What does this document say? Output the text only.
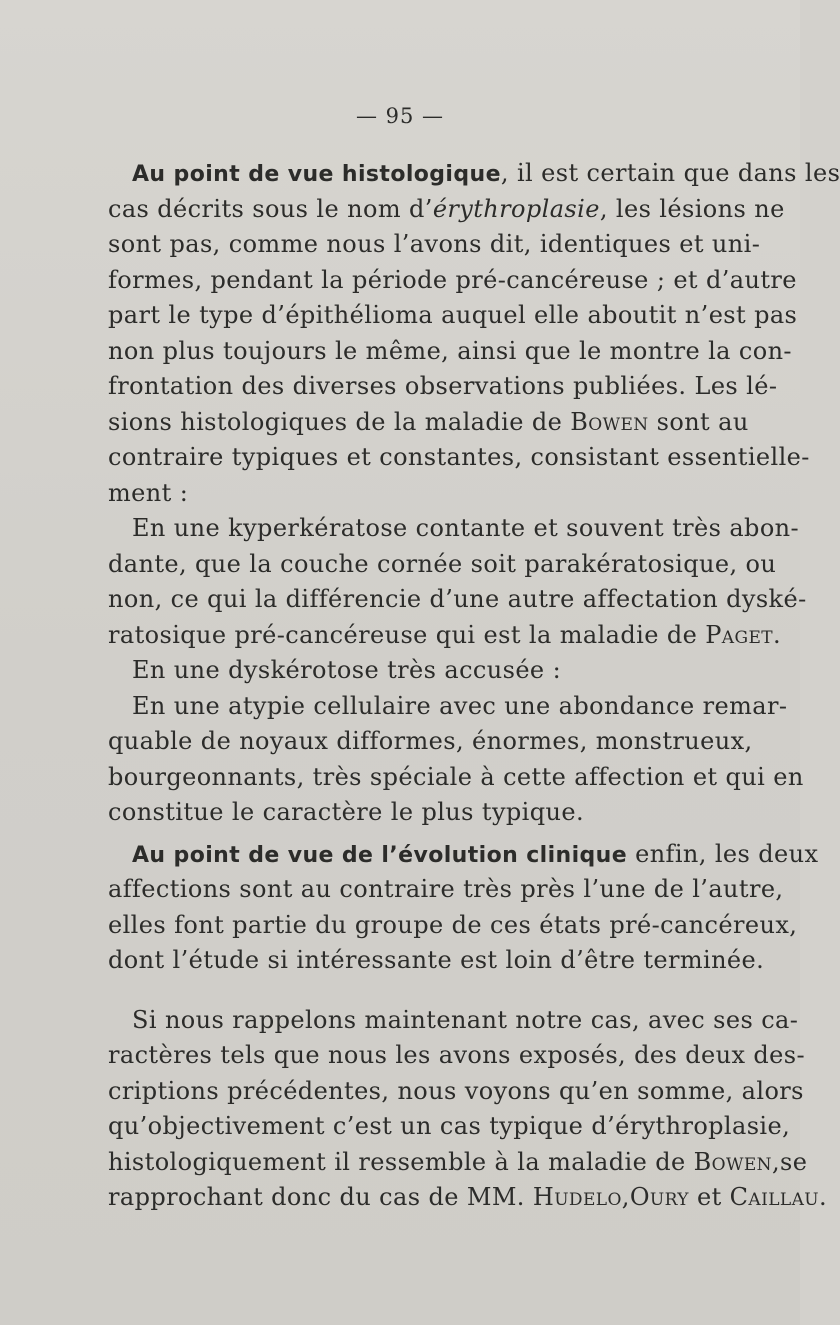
— 95 —
Au point de vue histologique, il est certain que dans les
cas décrits sous le nom d’érythroplasie, les lésions ne
sont pas, comme nous l’avons dit, identiques et uni-
formes, pendant la période pré-cancéreuse ; et d’autre
part le type d’épithélioma auquel elle aboutit n’est pas
non plus toujours le même, ainsi que le montre la con-
frontation des diverses observations publiées. Les lé-
sions histologiques de la maladie de Bowen sont au
contraire typiques et constantes, consistant essentielle-
ment :
En une kyperkératose contante et souvent très abon-
dante, que la couche cornée soit parakératosique, ou
non, ce qui la différencie d’une autre affectation dyské-
ratosique pré-cancéreuse qui est la maladie de Paget.
En une dyskérotose très accusée :
En une atypie cellulaire avec une abondance remar-
quable de noyaux difformes, énormes, monstrueux,
bourgeonnants, très spéciale à cette affection et qui en
constitue le caractère le plus typique.
Au point de vue de l’évolution clinique enfin, les deux
affections sont au contraire très près l’une de l’autre,
elles font partie du groupe de ces états pré-cancéreux,
dont l’étude si intéressante est loin d’être terminée.
Si nous rappelons maintenant notre cas, avec ses ca-
ractères tels que nous les avons exposés, des deux des-
criptions précédentes, nous voyons qu’en somme, alors
qu’objectivement c’est un cas typique d’érythroplasie,
histologiquement il ressemble à la maladie de Bowen,se
rapprochant donc du cas de MM. Hudelo,Oury et Caillau.
